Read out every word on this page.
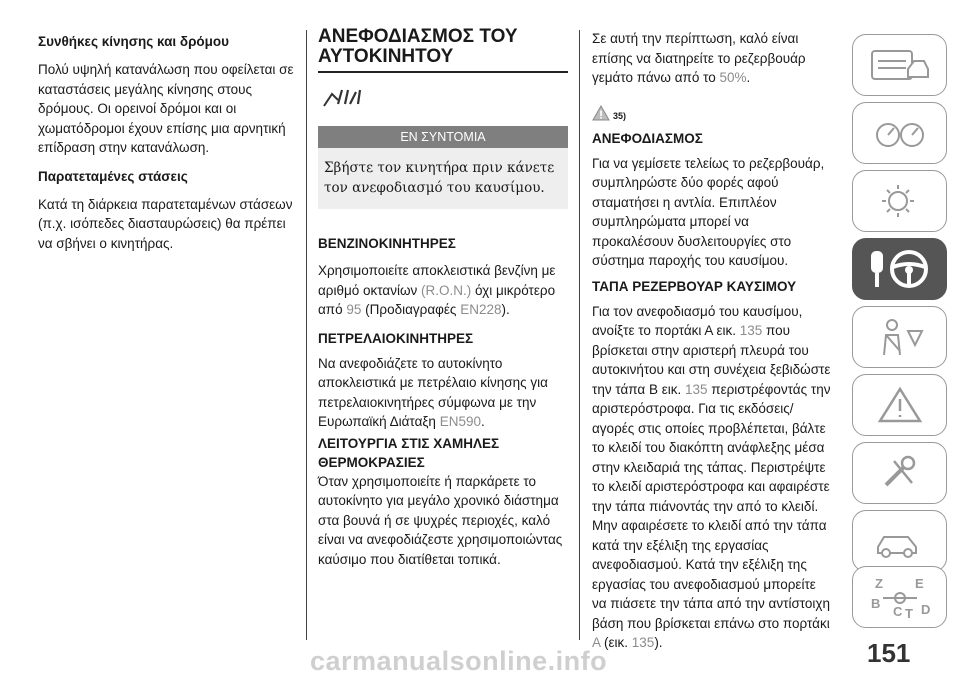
Συνθήκες κίνησης και δρόμου

Πολύ υψηλή κατανάλωση που οφείλεται σε καταστάσεις μεγάλης κίνησης στους δρόμους. Οι ορεινοί δρόμοι και οι χωματόδρομοι έχουν επίσης μια αρνητική επίδραση στην κατανάλωση.

Παρατεταμένες στάσεις

Κατά τη διάρκεια παρατεταμένων στάσεων (π.χ. ισόπεδες διασταυρώσεις) θα πρέπει να σβήνει ο κινητήρας.

ΑΝΕΦΟΔΙΑΣΜΟΣ ΤΟΥ ΑΥΤΟΚΙΝΗΤΟΥ
ΕΝ ΣΥΝΤΟΜΙΑ
Σβήστε τον κινητήρα πριν κάνετε τον ανεφοδιασμό του καυσίμου.
ΒΕΝΖΙΝΟΚΙΝΗΤΗΡΕΣ

Χρησιμοποιείτε αποκλειστικά βενζίνη με αριθμό οκτανίων (R.O.N.) όχι μικρότερο από 95 (Προδιαγραφές EN228).

ΠΕΤΡΕΛΑΙΟΚΙΝΗΤΗΡΕΣ

Να ανεφοδιάζετε το αυτοκίνητο αποκλειστικά με πετρέλαιο κίνησης για πετρελαιοκινητήρες σύμφωνα με την Ευρωπαϊκή Διάταξη EN590.

ΛΕΙΤΟΥΡΓΙΑ ΣΤΙΣ ΧΑΜΗΛΕΣ ΘΕΡΜΟΚΡΑΣΙΕΣ

Όταν χρησιμοποιείτε ή παρκάρετε το αυτοκίνητο για μεγάλο χρονικό διάστημα στα βουνά ή σε ψυχρές περιοχές, καλό είναι να ανεφοδιάζεστε χρησιμοποιώντας καύσιμο που διατίθεται τοπικά.

Σε αυτή την περίπτωση, καλό είναι επίσης να διατηρείτε το ρεζερβουάρ γεμάτο πάνω από το 50%.

35)
ΑΝΕΦΟΔΙΑΣΜΟΣ

Για να γεμίσετε τελείως το ρεζερβουάρ, συμπληρώστε δύο φορές αφού σταματήσει η αντλία. Επιπλέον συμπληρώματα μπορεί να προκαλέσουν δυσλειτουργίες στο σύστημα παροχής του καυσίμου.

ΤΑΠΑ ΡΕΖΕΡΒΟΥΑΡ ΚΑΥΣΙΜΟΥ

Για τον ανεφοδιασμό του καυσίμου, ανοίξτε το πορτάκι Α εικ. 135 που βρίσκεται στην αριστερή πλευρά του αυτοκινήτου και στη συνέχεια ξεβιδώστε την τάπα Β εικ. 135 περιστρέφοντάς την αριστερόστροφα. Για τις εκδόσεις/αγορές στις οποίες προβλέπεται, βάλτε το κλειδί του διακόπτη ανάφλεξης μέσα στην κλειδαριά της τάπας. Περιστρέψτε το κλειδί αριστερόστροφα και αφαιρέστε την τάπα πιάνοντάς την από το κλειδί. Μην αφαιρέσετε το κλειδί από την τάπα κατά την εξέλιξη της εργασίας ανεφοδιασμού. Κατά την εξέλιξη της εργασίας του ανεφοδιασμού μπορείτε να πιάσετε την τάπα από την αντίστοιχη βάση που βρίσκεται επάνω στο πορτάκι A (εικ. 135).

Z E
B
C T D
carmanualsonline.info	151
